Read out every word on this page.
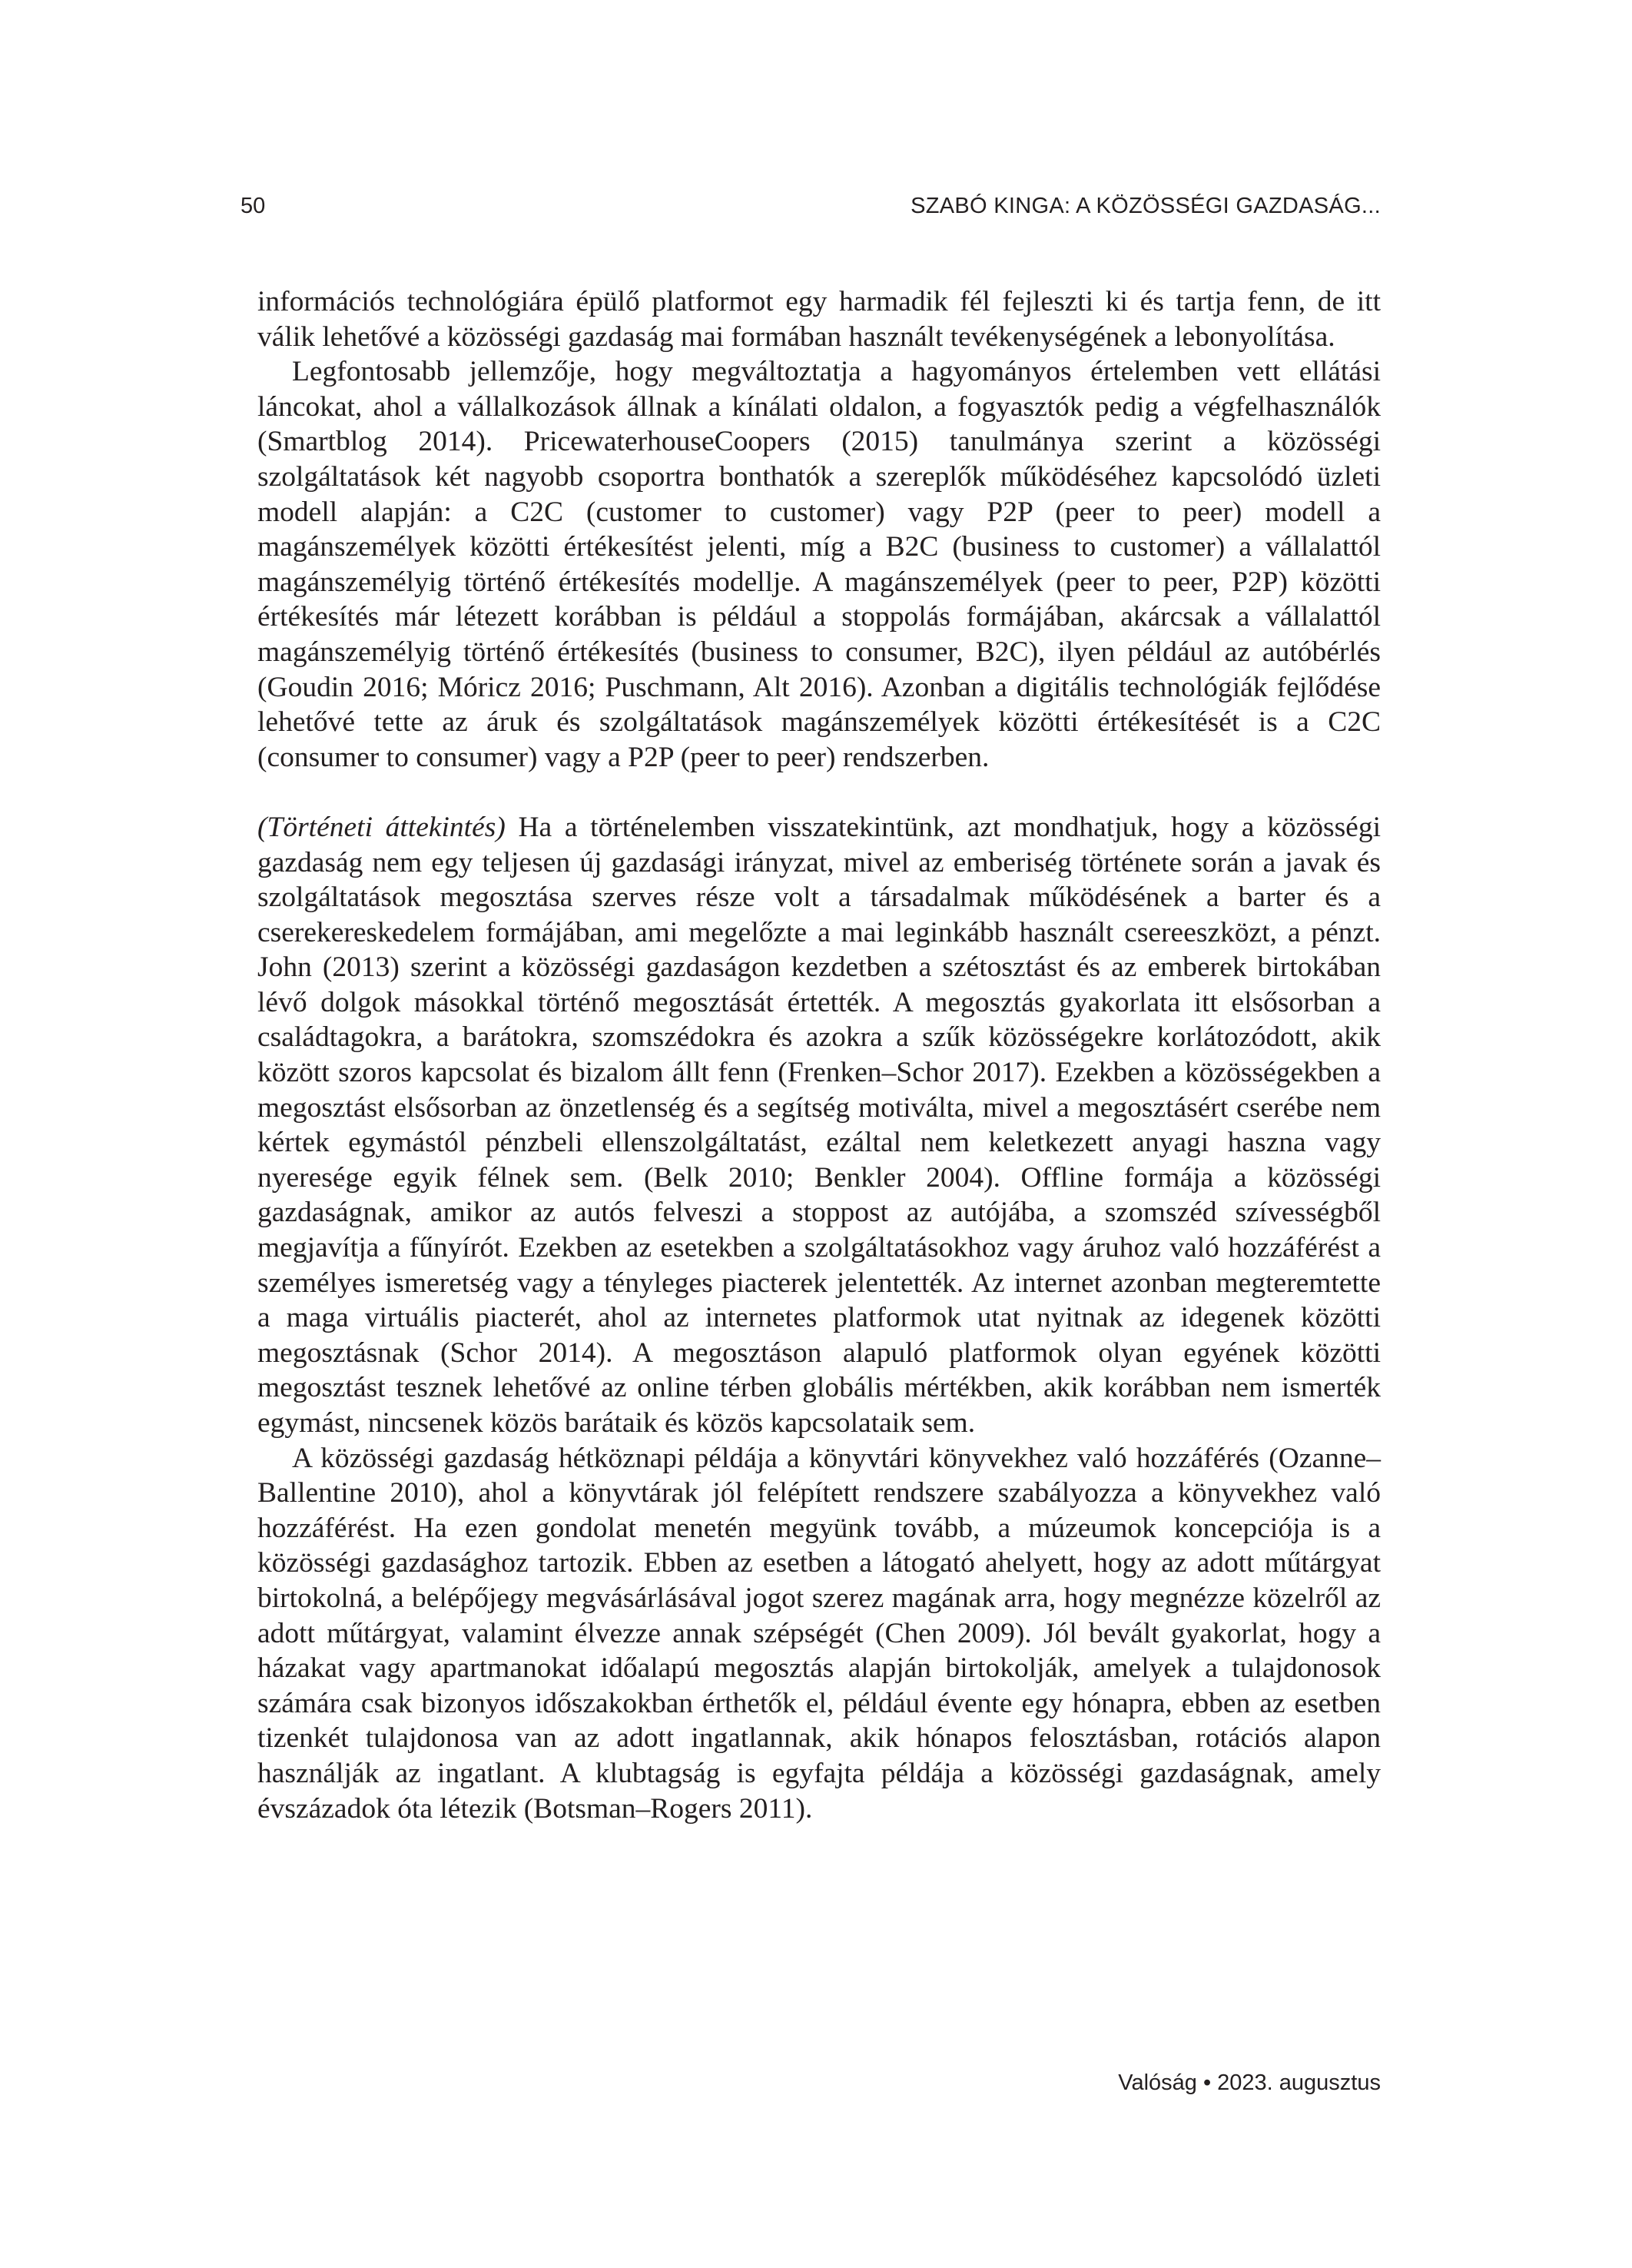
50	SZABÓ KINGA: A KÖZÖSSÉGI GAZDASÁG...

információs technológiára épülő platformot egy harmadik fél fejleszti ki és tartja fenn, de itt válik lehetővé a közösségi gazdaság mai formában használt tevékenységének a lebonyolítása.

Legfontosabb jellemzője, hogy megváltoztatja a hagyományos értelemben vett ellátási láncokat, ahol a vállalkozások állnak a kínálati oldalon, a fogyasztók pedig a végfelhasználók (Smartblog 2014). PricewaterhouseCoopers (2015) tanulmánya szerint a közösségi szolgáltatások két nagyobb csoportra bonthatók a szereplők működéséhez kapcsolódó üzleti modell alapján: a C2C (customer to customer) vagy P2P (peer to peer) modell a magánszemélyek közötti értékesítést jelenti, míg a B2C (business to customer) a vállalattól magánszemélyig történő értékesítés modellje. A magánszemélyek (peer to peer, P2P) közötti értékesítés már létezett korábban is például a stoppolás formájában, akárcsak a vállalattól magánszemélyig történő értékesítés (business to consumer, B2C), ilyen például az autóbérlés (Goudin 2016; Móricz 2016; Puschmann, Alt 2016). Azonban a digitális technológiák fejlődése lehetővé tette az áruk és szolgáltatások magánszemélyek közötti értékesítését is a C2C (consumer to consumer) vagy a P2P (peer to peer) rendszerben.

(Történeti áttekintés) Ha a történelemben visszatekintünk, azt mondhatjuk, hogy a közösségi gazdaság nem egy teljesen új gazdasági irányzat, mivel az emberiség története során a javak és szolgáltatások megosztása szerves része volt a társadalmak működésének a barter és a cserekereskedelem formájában, ami megelőzte a mai leginkább használt csereeszközt, a pénzt. John (2013) szerint a közösségi gazdaságon kezdetben a szétosztást és az emberek birtokában lévő dolgok másokkal történő megosztását értették. A megosztás gyakorlata itt elsősorban a családtagokra, a barátokra, szomszédokra és azokra a szűk közösségekre korlátozódott, akik között szoros kapcsolat és bizalom állt fenn (Frenken–Schor 2017). Ezekben a közösségekben a megosztást elsősorban az önzetlenség és a segítség motiválta, mivel a megosztásért cserébe nem kértek egymástól pénzbeli ellenszolgáltatást, ezáltal nem keletkezett anyagi haszna vagy nyeresége egyik félnek sem. (Belk 2010; Benkler 2004). Offline formája a közösségi gazdaságnak, amikor az autós felveszi a stoppost az autójába, a szomszéd szívességből megjavítja a fűnyírót. Ezekben az esetekben a szolgáltatásokhoz vagy áruhoz való hozzáférést a személyes ismeretség vagy a tényleges piacterek jelentették. Az internet azonban megteremtette a maga virtuális piacterét, ahol az internetes platformok utat nyitnak az idegenek közötti megosztásnak (Schor 2014). A megosztáson alapuló platformok olyan egyének közötti megosztást tesznek lehetővé az online térben globális mértékben, akik korábban nem ismerték egymást, nincsenek közös barátaik és közös kapcsolataik sem.

A közösségi gazdaság hétköznapi példája a könyvtári könyvekhez való hozzáférés (Ozanne–Ballentine 2010), ahol a könyvtárak jól felépített rendszere szabályozza a könyvekhez való hozzáférést. Ha ezen gondolat menetén megyünk tovább, a múzeumok koncepciója is a közösségi gazdasághoz tartozik. Ebben az esetben a látogató ahelyett, hogy az adott műtárgyat birtokolná, a belépőjegy megvásárlásával jogot szerez magának arra, hogy megnézze közelről az adott műtárgyat, valamint élvezze annak szépségét (Chen 2009). Jól bevált gyakorlat, hogy a házakat vagy apartmanokat időalapú megosztás alapján birtokolják, amelyek a tulajdonosok számára csak bizonyos időszakokban érthetők el, például évente egy hónapra, ebben az esetben tizenkét tulajdonosa van az adott ingatlannak, akik hónapos felosztásban, rotációs alapon használják az ingatlant. A klubtagság is egyfajta példája a közösségi gazdaságnak, amely évszázadok óta létezik (Botsman–Rogers 2011).

Valóság • 2023. augusztus
